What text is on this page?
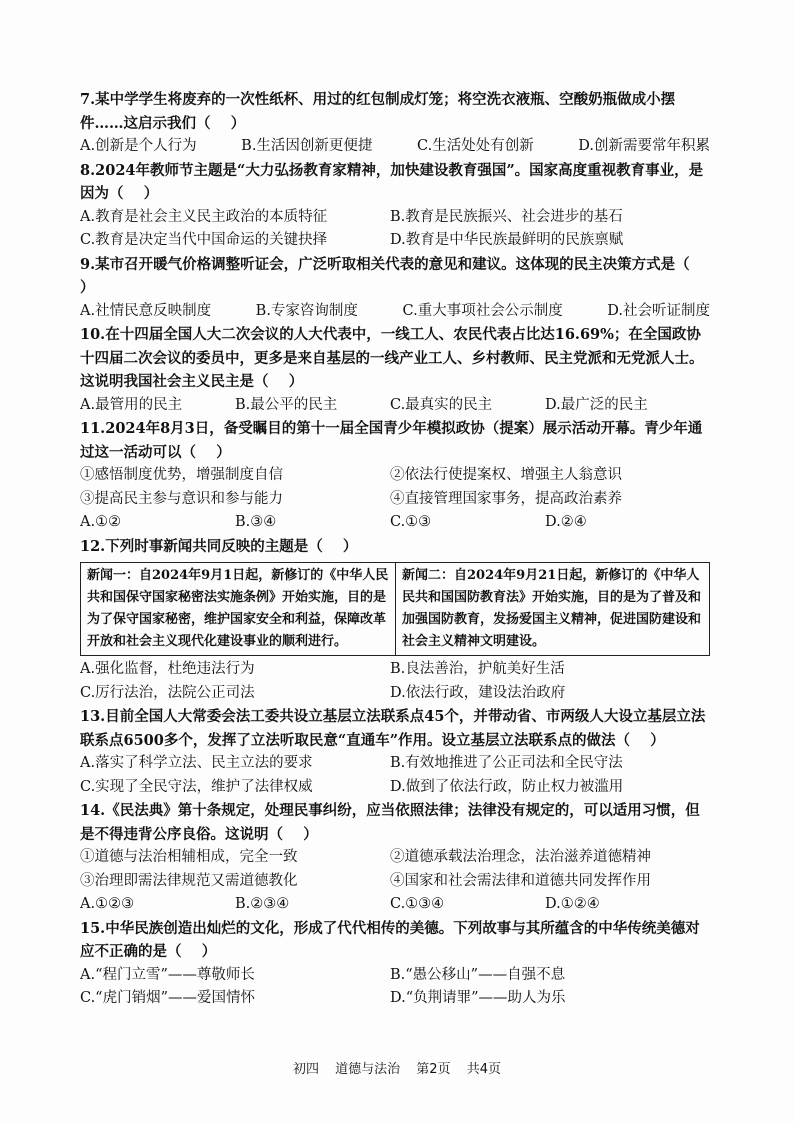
7.某中学学生将废弃的一次性纸杯、用过的红包制成灯笼；将空洗衣液瓶、空酸奶瓶做成小摆件……这启示我们（    ）
A.创新是个人行为	B.生活因创新更便捷	C.生活处处有创新	D.创新需要常年积累
8.2024年教师节主题是“大力弘扬教育家精神，加快建设教育强国”。国家高度重视教育事业，是因为（    ）
A.教育是社会主义民主政治的本质特征	B.教育是民族振兴、社会进步的基石
C.教育是决定当代中国命运的关键抉择	D.教育是中华民族最鲜明的民族禀赋
9.某市召开暖气价格调整听证会，广泛听取相关代表的意见和建议。这体现的民主决策方式是（    ）
A.社情民意反映制度	B.专家咨询制度	C.重大事项社会公示制度	D.社会听证制度
10.在十四届全国人大二次会议的人大代表中，一线工人、农民代表占比达16.69%；在全国政协十四届二次会议的委员中，更多是来自基层的一线产业工人、乡村教师、民主党派和无党派人士。这说明我国社会主义民主是（    ）
A.最管用的民主	B.最公平的民主	C.最真实的民主	D.最广泛的民主
11.2024年8月3日，备受瞩目的第十一届全国青少年模拟政协（提案）展示活动开幕。青少年通过这一活动可以（    ）
①感悟制度优势，增强制度自信	②依法行使提案权、增强主人翁意识
③提高民主参与意识和参与能力	④直接管理国家事务，提高政治素养
A.①②	B.③④	C.①③	D.②④
12.下列时事新闻共同反映的主题是（    ）
新闻一：自2024年9月1日起，新修订的《中华人民共和国保守国家秘密法实施条例》开始实施，目的是为了保守国家秘密，维护国家安全和利益，保障改革开放和社会主义现代化建设事业的顺利进行。
新闻二：自2024年9月21日起，新修订的《中华人民共和国国防教育法》开始实施，目的是为了普及和加强国防教育，发扬爱国主义精神，促进国防建设和社会主义精神文明建设。
A.强化监督，杜绝违法行为	B.良法善治，护航美好生活
C.厉行法治，法院公正司法	D.依法行政，建设法治政府
13.目前全国人大常委会法工委共设立基层立法联系点45个，并带动省、市两级人大设立基层立法联系点6500多个，发挥了立法听取民意“直通车”作用。设立基层立法联系点的做法（    ）
A.落实了科学立法、民主立法的要求	B.有效地推进了公正司法和全民守法
C.实现了全民守法，维护了法律权威	D.做到了依法行政，防止权力被滥用
14.《民法典》第十条规定，处理民事纠纷，应当依照法律；法律没有规定的，可以适用习惯，但是不得违背公序良俗。这说明（    ）
①道德与法治相辅相成，完全一致	②道德承载法治理念，法治滋养道德精神
③治理即需法律规范又需道德教化	④国家和社会需法律和道德共同发挥作用
A.①②③	B.②③④	C.①③④	D.①②④
15.中华民族创造出灿烂的文化，形成了代代相传的美德。下列故事与其所蕴含的中华传统美德对应不正确的是（    ）
A.“程门立雪”——尊敬师长	B.“愚公移山”——自强不息
C.“虎门销烟”——爱国情怀	D.“负荆请罪”——助人为乐
初四 道德与法治 第2页 共4页
